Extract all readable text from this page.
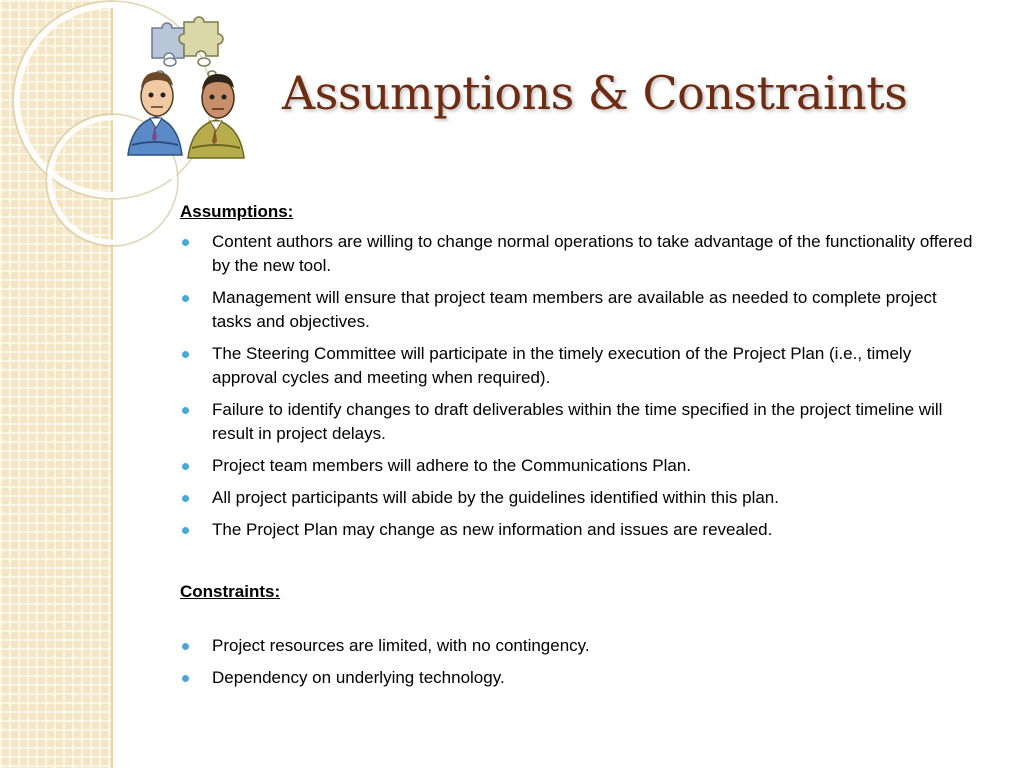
Assumptions & Constraints
Assumptions:
Content authors are willing to change normal operations to take advantage of the functionality offered by the new tool.
Management will ensure that project team members are available as needed to complete project tasks and objectives.
The Steering Committee will participate in the timely execution of the Project Plan (i.e., timely approval cycles and meeting when required).
Failure to identify changes to draft deliverables within the time specified in the project timeline will result in project delays.
Project team members will adhere to the Communications Plan.
All project participants will abide by the guidelines identified within this plan.
The Project Plan may change as new information and issues are revealed.
Constraints:
Project resources are limited, with no contingency.
Dependency on underlying technology.
